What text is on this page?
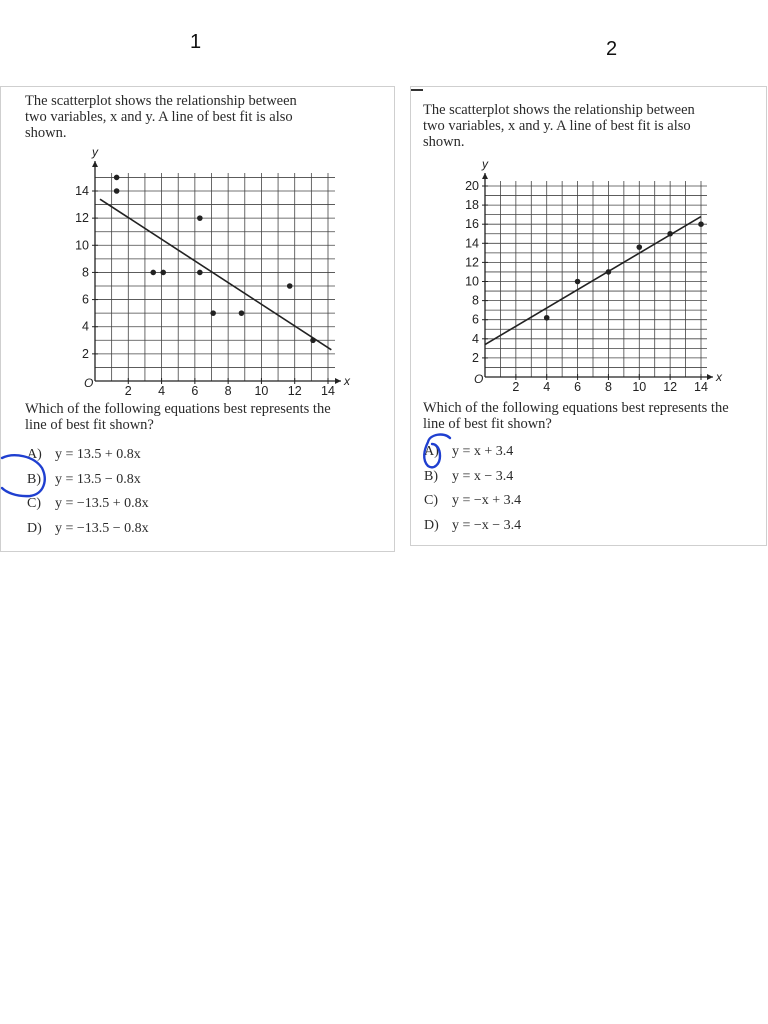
1	2
The scatterplot shows the relationship between
two variables, x and y. A line of best fit is also
shown.
x
y
O
2 4 6 8 10 12 14
2
4
6
8
10
12
14
Which of the following equations best represents the
line of best fit shown?
A) y = 13.5 + 0.8x
B)	y = 13.5 − 0.8x
C)	y = −13.5 + 0.8x
D) y = −13.5 − 0.8x
The scatterplot shows the relationship between
two variables, x and y. A line of best fit is also
shown.
x
y
O
2 4 6 8 10 12 14
2
4
6
8
10
12
14
16
18
20
Which of the following equations best represents the
line of best fit shown?
A) y = x + 3.4
B)	y = x − 3.4
C)	y = −x + 3.4
D) y = −x − 3.4
